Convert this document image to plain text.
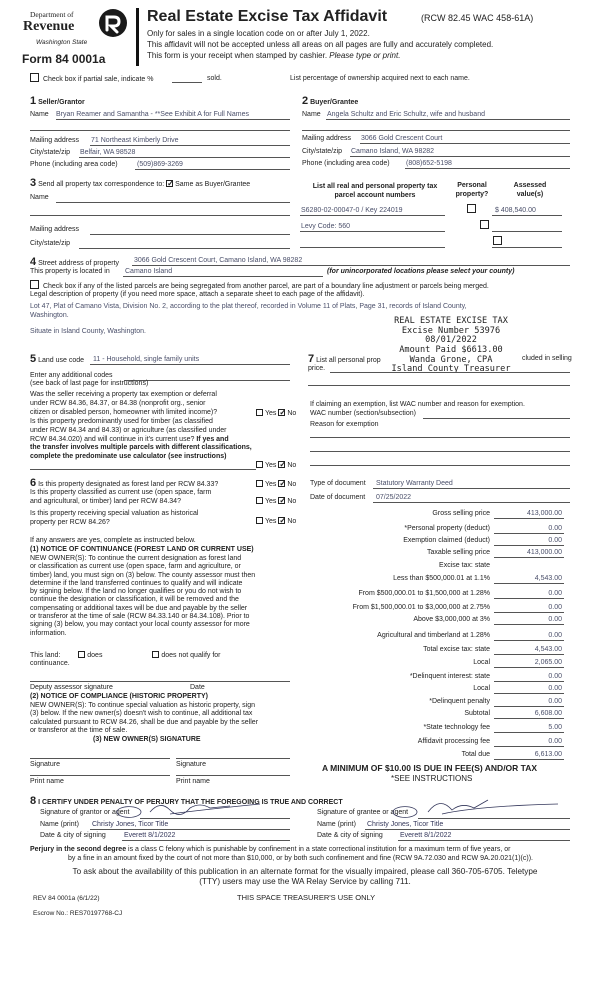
Department of
Revenue
Washington State
Form 84 0001a
Real Estate Excise Tax Affidavit	(RCW 82.45 WAC 458-61A)
Only for sales in a single location code on or after July 1, 2022.
This affidavit will not be accepted unless all areas on all pages are fully and accurately completed.
This form is your receipt when stamped by cashier. Please type or print.
Check box if partial sale, indicate %	sold.	List percentage of ownership acquired next to each name.
1 Seller/Grantor
Name Bryan Reamer and Samantha - **See Exhibit A for Full Names
Mailing address 71 Northeast Kimberly Drive
City/state/zip Belfair, WA 98528
Phone (including area code)	(509)869-3269
2 Buyer/Grantee
Name Angela Schultz and Eric Schultz, wife and husband
Mailing address 3066 Gold Crescent Court
City/state/zip Camano Island, WA 98282
Phone (including area code) (808)652-5198
3 Send all property tax correspondence to: ✓ Same as Buyer/Grantee
Name
Mailing address
City/state/zip
List all real and personal property tax
parcel account numbers
Personal
property?
Assessed
value(s)
S6280-02-00047-0 / Key 224019
	$ 408,540.00
Levy Code: 560

4 Street address of property 3066 Gold Crescent Court, Camano Island, WA 98282
This property is located in Camano Island	(for unincorporated locations please select your county)
Check box if any of the listed parcels are being segregated from another parcel, are part of a boundary line adjustment or parcels being merged.
Legal description of property (if you need more space, attach a separate sheet to each page of the affidavit).
Lot 47, Plat of Camano Vista, Division No. 2, according to the plat thereof, recorded in Volume 11 of Plats, Page 31, records of Island County,
Washington.
Situate in Island County, Washington.
REAL ESTATE EXCISE TAX
Excise Number 53976
08/01/2022
Amount Paid $6613.00
Wanda Grone, CPA
Island County Treasurer
5 Land use code 11 - Household, single family units
Enter any additional codes
(see back of last page for instructions)
Was the seller receiving a property tax exemption or deferral
under RCW 84.36, 84.37, or 84.38 (nonprofit org., senior
citizen or disabled person, homeowner with limited income)?	Yes ✓ No
Is this property predominantly used for timber (as classified
under RCW 84.34 and 84.33) or agriculture (as classified under
RCW 84.34.020) and will continue in it's current use? If yes and
the transfer involves multiple parcels with different classifications,
complete the predominate use calculator (see instructions)
Yes ✓ No
7 List all personal prop	cluded in selling
price.
If claiming an exemption, list WAC number and reason for exemption.
WAC number (section/subsection)
Reason for exemption
6 Is this property designated as forest land per RCW 84.33?	Yes ✓ No
Is this property classified as current use (open space, farm
and agricultural, or timber) land per RCW 84.34?	Yes ✓ No
Is this property receiving special valuation as historical
property per RCW 84.26?	Yes ✓ No
If any answers are yes, complete as instructed below.
(1) NOTICE OF CONTINUANCE (FOREST LAND OR CURRENT USE)
NEW OWNER(S): To continue the current designation as forest land
or classification as current use (open space, farm and agriculture, or
timber) land, you must sign on (3) below. The county assessor must then
determine if the land transferred continues to qualify and will indicate
by signing below. If the land no longer qualifies or you do not wish to
continue the designation or classification, it will be removed and the
compensating or additional taxes will be due and payable by the seller
or transferor at the time of sale (RCW 84.33.140 or 84.34.108). Prior to
signing (3) below, you may contact your local county assessor for more
information.
This land:	does	does not qualify for
continuance.
Deputy assessor signature	Date
(2) NOTICE OF COMPLIANCE (HISTORIC PROPERTY)
NEW OWNER(S): To continue special valuation as historic property, sign
(3) below. If the new owner(s) doesn't wish to continue, all additional tax
calculated pursuant to RCW 84.26, shall be due and payable by the seller
or transferor at the time of sale.
(3) NEW OWNER(S) SIGNATURE
Signature	Signature
Print name	Print name
Type of document Statutory Warranty Deed
Date of document 07/25/2022
Gross selling price	413,000.00
*Personal property (deduct)	0.00
Exemption claimed (deduct)	0.00
Taxable selling price	413,000.00
Excise tax: state
Less than $500,000.01 at 1.1%	4,543.00
From $500,000.01 to $1,500,000 at 1.28%	0.00
From $1,500,000.01 to $3,000,000 at 2.75%	0.00
Above $3,000,000 at 3%	0.00
Agricultural and timberland at 1.28%	0.00
Total excise tax: state	4,543.00
Local	2,065.00
*Delinquent interest: state	0.00
Local	0.00
*Delinquent penalty	0.00
Subtotal	6,608.00
*State technology fee	5.00
Affidavit processing fee	0.00
Total due	6,613.00
A MINIMUM OF $10.00 IS DUE IN FEE(S) AND/OR TAX
*SEE INSTRUCTIONS
8 I CERTIFY UNDER PENALTY OF PERJURY THAT THE FOREGOING IS TRUE AND CORRECT
Signature of grantor or agent
Name (print) Christy Jones, Ticor Title
Date & city of signing	Everett 8/1/2022
Signature of grantee or agent
Name (print) Christy Jones, Ticor Title
Date & city of signing Everett 8/1/2022
Perjury in the second degree is a class C felony which is punishable by confinement in a state correctional institution for a maximum term of five years, or
by a fine in an amount fixed by the court of not more than $10,000, or by both such confinement and fine (RCW 9A.72.030 and RCW 9A.20.021(1)(c)).
To ask about the availability of this publication in an alternate format for the visually impaired, please call 360-705-6705. Teletype
(TTY) users may use the WA Relay Service by calling 711.
REV 84 0001a (6/1/22)	THIS SPACE TREASURER'S USE ONLY
Escrow No.: RES70197768-CJ
